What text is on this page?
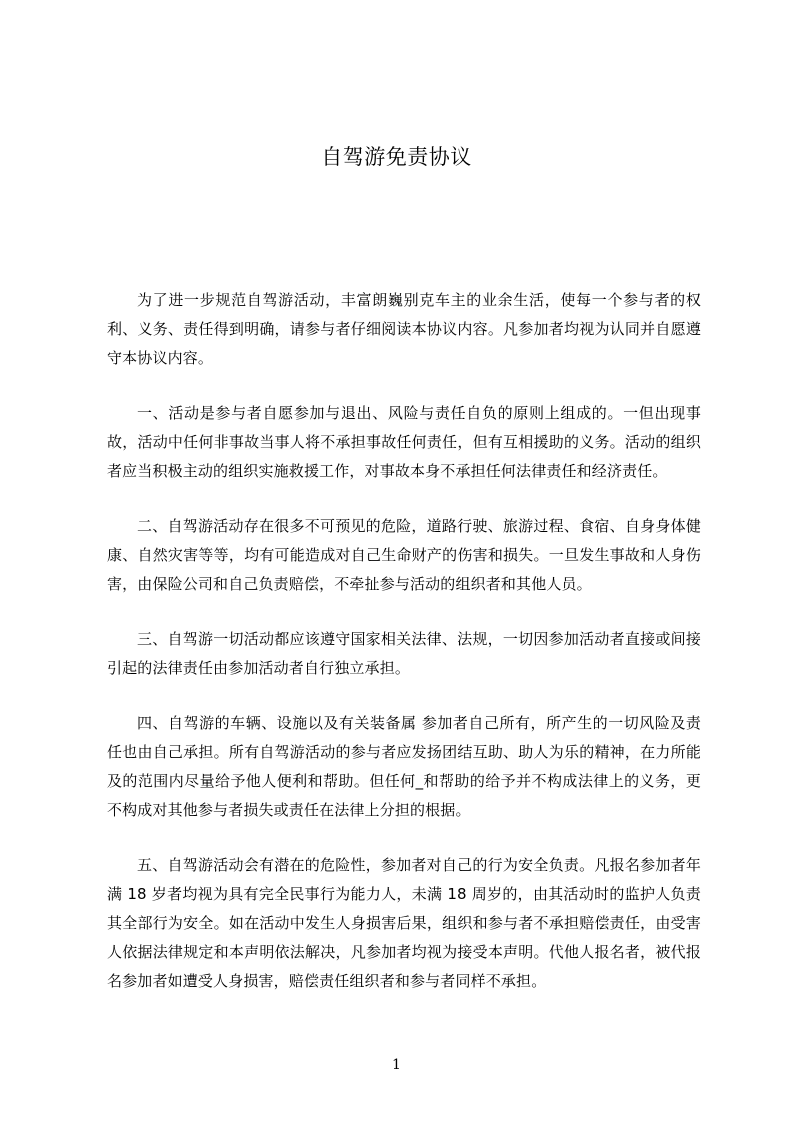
自驾游免责协议

为了进一步规范自驾游活动，丰富朗巍别克车主的业余生活，使每一个参与者的权利、义务、责任得到明确，请参与者仔细阅读本协议内容。凡参加者均视为认同并自愿遵守本协议内容。

一、活动是参与者自愿参加与退出、风险与责任自负的原则上组成的。一但出现事故，活动中任何非事故当事人将不承担事故任何责任，但有互相援助的义务。活动的组织者应当积极主动的组织实施救援工作，对事故本身不承担任何法律责任和经济责任。

二、自驾游活动存在很多不可预见的危险，道路行驶、旅游过程、食宿、自身身体健康、自然灾害等等，均有可能造成对自己生命财产的伤害和损失。一旦发生事故和人身伤害，由保险公司和自己负责赔偿，不牵扯参与活动的组织者和其他人员。

三、自驾游一切活动都应该遵守国家相关法律、法规，一切因参加活动者直接或间接引起的法律责任由参加活动者自行独立承担。

四、自驾游的车辆、设施以及有关装备属 参加者自己所有，所产生的一切风险及责任也由自己承担。所有自驾游活动的参与者应发扬团结互助、助人为乐的精神，在力所能及的范围内尽量给予他人便利和帮助。但任何_和帮助的给予并不构成法律上的义务，更不构成对其他参与者损失或责任在法律上分担的根据。

五、自驾游活动会有潜在的危险性，参加者对自己的行为安全负责。凡报名参加者年满 18 岁者均视为具有完全民事行为能力人，未满 18 周岁的，由其活动时的监护人负责其全部行为安全。如在活动中发生人身损害后果，组织和参与者不承担赔偿责任，由受害人依据法律规定和本声明依法解决，凡参加者均视为接受本声明。代他人报名者，被代报名参加者如遭受人身损害，赔偿责任组织者和参与者同样不承担。

1
